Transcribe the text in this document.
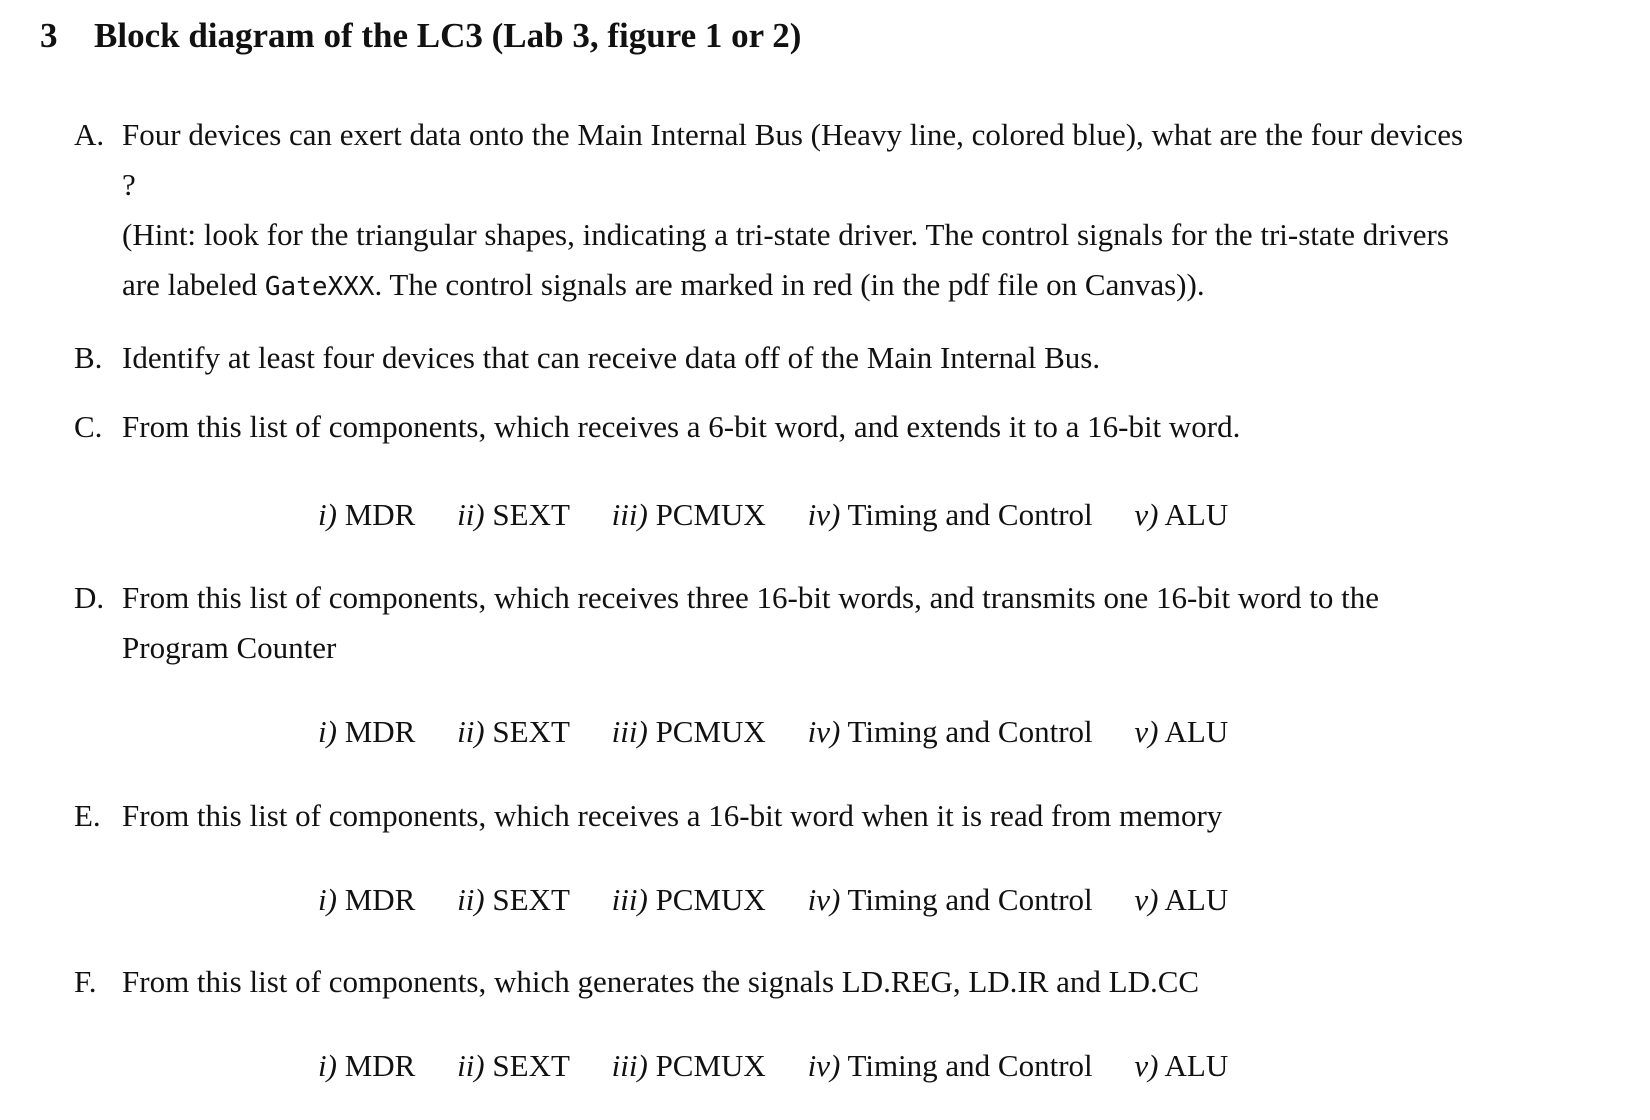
3 Block diagram of the LC3 (Lab 3, figure 1 or 2)
A. Four devices can exert data onto the Main Internal Bus (Heavy line, colored blue), what are the four devices ?
(Hint: look for the triangular shapes, indicating a tri-state driver. The control signals for the tri-state drivers are labeled GateXXX. The control signals are marked in red (in the pdf file on Canvas)).
B. Identify at least four devices that can receive data off of the Main Internal Bus.
C. From this list of components, which receives a 6-bit word, and extends it to a 16-bit word.
i) MDR ii) SEXT iii) PCMUX iv) Timing and Control v) ALU
D. From this list of components, which receives three 16-bit words, and transmits one 16-bit word to the Program Counter
i) MDR ii) SEXT iii) PCMUX iv) Timing and Control v) ALU
E. From this list of components, which receives a 16-bit word when it is read from memory
i) MDR ii) SEXT iii) PCMUX iv) Timing and Control v) ALU
F. From this list of components, which generates the signals LD.REG, LD.IR and LD.CC
i) MDR ii) SEXT iii) PCMUX iv) Timing and Control v) ALU
